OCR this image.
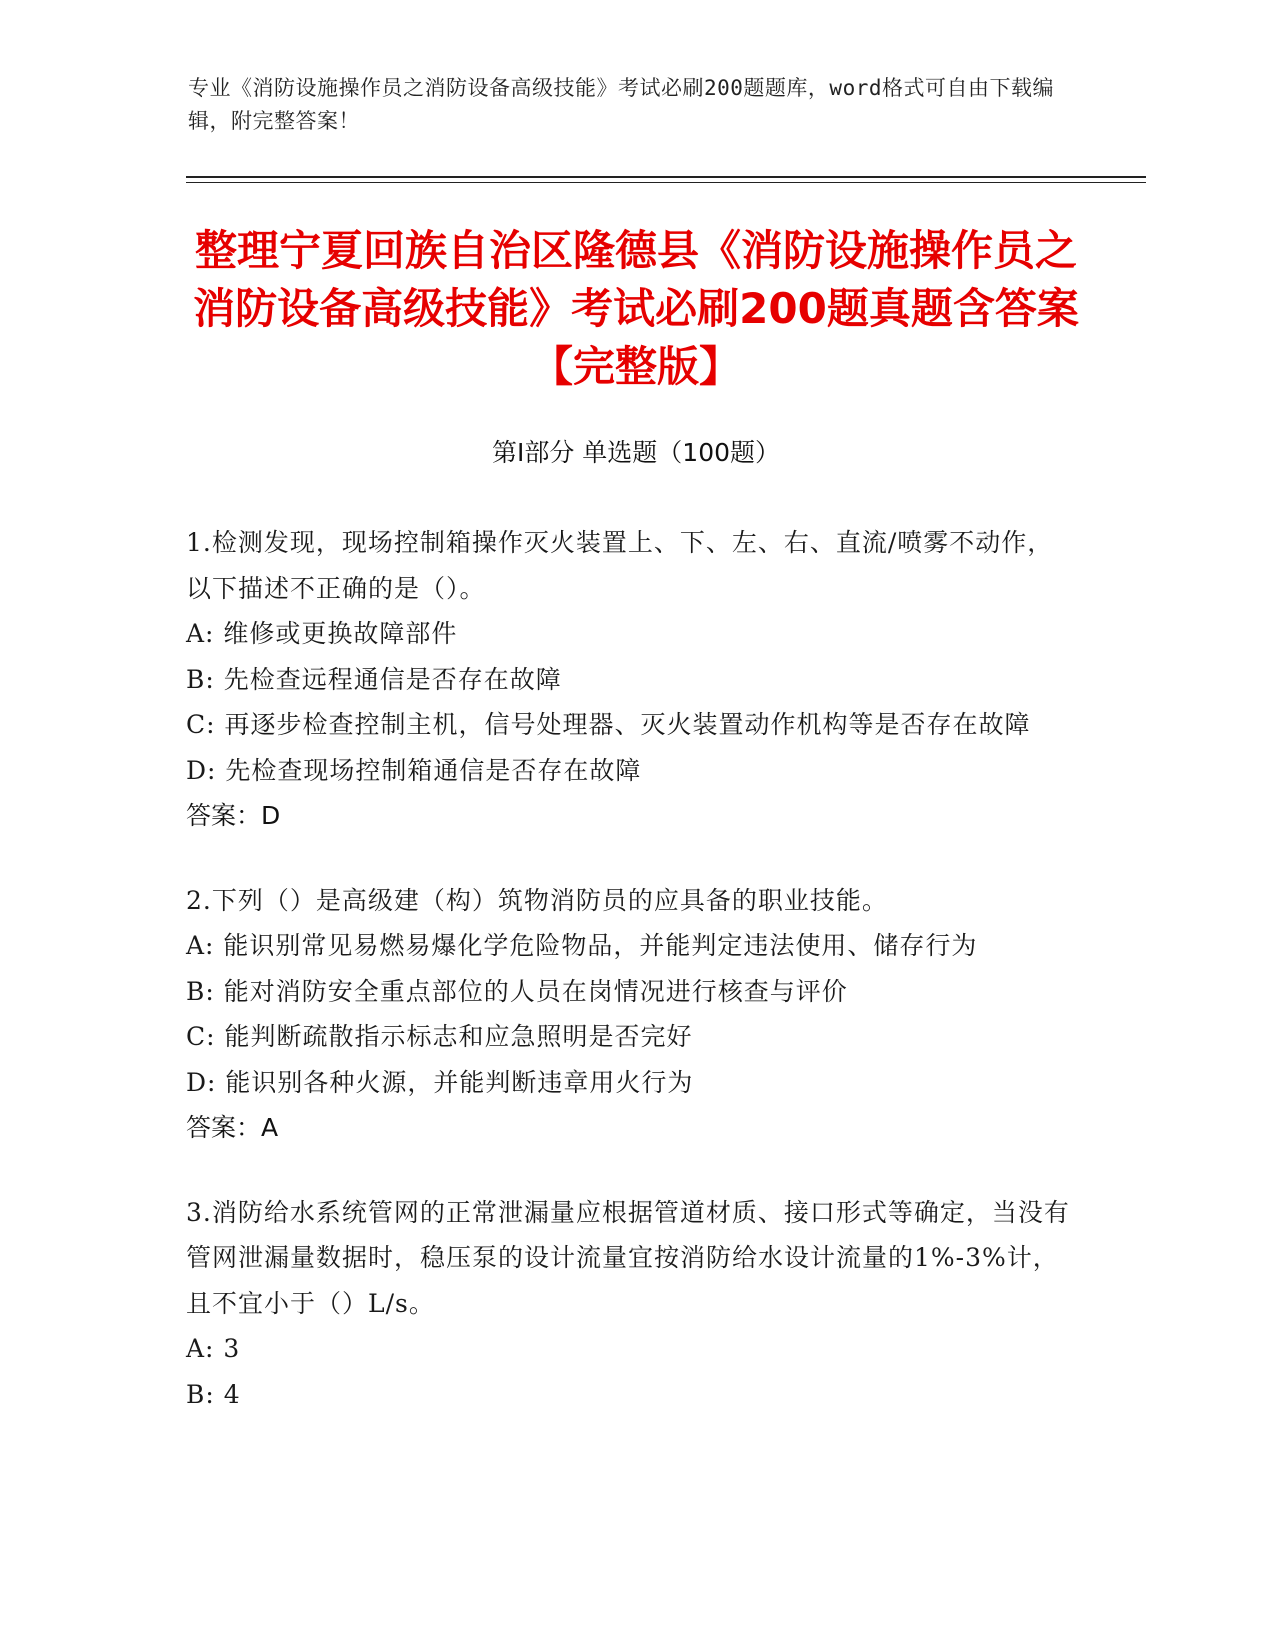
专业《消防设施操作员之消防设备高级技能》考试必刷200题题库，word格式可自由下载编辑，附完整答案！
整理宁夏回族自治区隆德县《消防设施操作员之消防设备高级技能》考试必刷200题真题含答案【完整版】
第Ⅰ部分 单选题（100题）

1.检测发现，现场控制箱操作灭火装置上、下、左、右、直流/喷雾不动作，以下描述不正确的是（）。

A: 维修或更换故障部件

B: 先检查远程通信是否存在故障

C: 再逐步检查控制主机，信号处理器、灭火装置动作机构等是否存在故障

D: 先检查现场控制箱通信是否存在故障

答案：D

2.下列（）是高级建（构）筑物消防员的应具备的职业技能。

A: 能识别常见易燃易爆化学危险物品，并能判定违法使用、储存行为

B: 能对消防安全重点部位的人员在岗情况进行核查与评价

C: 能判断疏散指示标志和应急照明是否完好

D: 能识别各种火源，并能判断违章用火行为

答案：A

3.消防给水系统管网的正常泄漏量应根据管道材质、接口形式等确定，当没有管网泄漏量数据时，稳压泵的设计流量宜按消防给水设计流量的1%-3%计，且不宜小于（）L/s。

A: 3

B: 4
